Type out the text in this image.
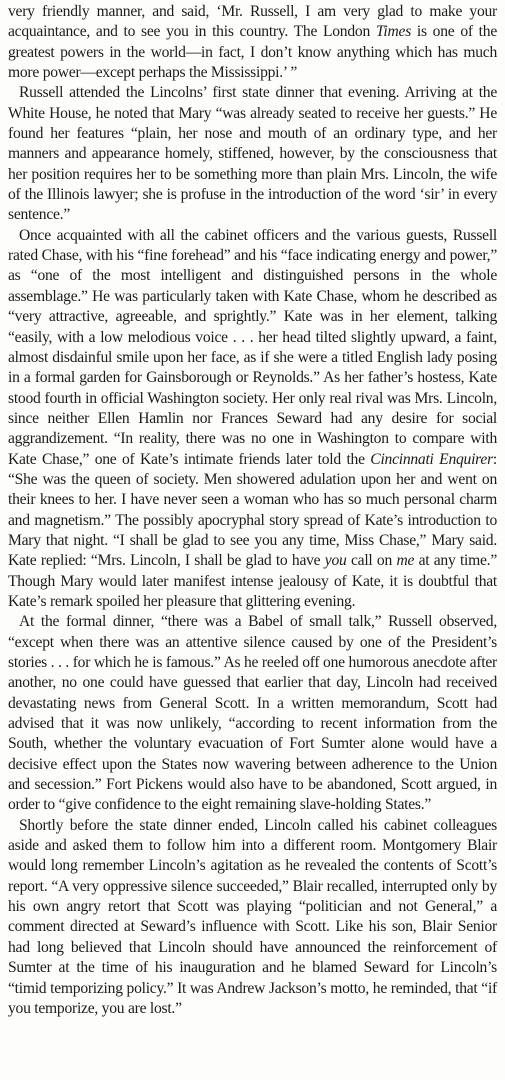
very friendly manner, and said, ‘Mr. Russell, I am very glad to make your acquaintance, and to see you in this country. The London Times is one of the greatest powers in the world—in fact, I don’t know anything which has much more power—except perhaps the Mississippi.’ ”

Russell attended the Lincolns’ first state dinner that evening. Arriving at the White House, he noted that Mary “was already seated to receive her guests.” He found her features “plain, her nose and mouth of an ordinary type, and her manners and appearance homely, stiffened, however, by the consciousness that her position requires her to be something more than plain Mrs. Lincoln, the wife of the Illinois lawyer; she is profuse in the introduction of the word ‘sir’ in every sentence.”

Once acquainted with all the cabinet officers and the various guests, Russell rated Chase, with his “fine forehead” and his “face indicating energy and power,” as “one of the most intelligent and distinguished persons in the whole assemblage.” He was particularly taken with Kate Chase, whom he described as “very attractive, agreeable, and sprightly.” Kate was in her element, talking “easily, with a low melodious voice . . . her head tilted slightly upward, a faint, almost disdainful smile upon her face, as if she were a titled English lady posing in a formal garden for Gainsborough or Reynolds.” As her father’s hostess, Kate stood fourth in official Washington society. Her only real rival was Mrs. Lincoln, since neither Ellen Hamlin nor Frances Seward had any desire for social aggrandizement. “In reality, there was no one in Washington to compare with Kate Chase,” one of Kate’s intimate friends later told the Cincinnati Enquirer: “She was the queen of society. Men showered adulation upon her and went on their knees to her. I have never seen a woman who has so much personal charm and magnetism.” The possibly apocryphal story spread of Kate’s introduction to Mary that night. “I shall be glad to see you any time, Miss Chase,” Mary said. Kate replied: “Mrs. Lincoln, I shall be glad to have you call on me at any time.” Though Mary would later manifest intense jealousy of Kate, it is doubtful that Kate’s remark spoiled her pleasure that glittering evening.

At the formal dinner, “there was a Babel of small talk,” Russell observed, “except when there was an attentive silence caused by one of the President’s stories . . . for which he is famous.” As he reeled off one humorous anecdote after another, no one could have guessed that earlier that day, Lincoln had received devastating news from General Scott. In a written memorandum, Scott had advised that it was now unlikely, “according to recent information from the South, whether the voluntary evacuation of Fort Sumter alone would have a decisive effect upon the States now wavering between adherence to the Union and secession.” Fort Pickens would also have to be abandoned, Scott argued, in order to “give confidence to the eight remaining slave-holding States.”

Shortly before the state dinner ended, Lincoln called his cabinet colleagues aside and asked them to follow him into a different room. Montgomery Blair would long remember Lincoln’s agitation as he revealed the contents of Scott’s report. “A very oppressive silence succeeded,” Blair recalled, interrupted only by his own angry retort that Scott was playing “politician and not General,” a comment directed at Seward’s influence with Scott. Like his son, Blair Senior had long believed that Lincoln should have announced the reinforcement of Sumter at the time of his inauguration and he blamed Seward for Lincoln’s “timid temporizing policy.” It was Andrew Jackson’s motto, he reminded, that “if you temporize, you are lost.”
